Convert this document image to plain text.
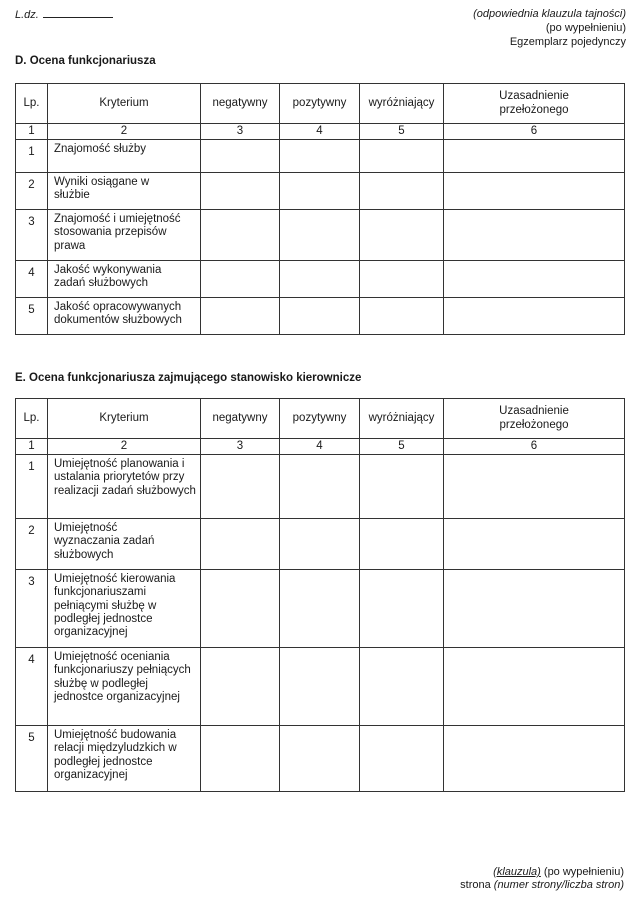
L.dz.	(odpowiednia klauzula tajności)
(po wypełnieniu)
Egzemplarz pojedynczy
D. Ocena funkcjonariusza
Lp.	Kryterium	negatywny	pozytywny	wyróżniający	Uzasadnienie przełożonego
1	2	3	4	5	6
1	Znajomość służby				
2	Wyniki osiągane w służbie				
3	Znajomość i umiejętność stosowania przepisów prawa				
4	Jakość wykonywania zadań służbowych				
5	Jakość opracowywanych dokumentów służbowych				
E. Ocena funkcjonariusza zajmującego stanowisko kierownicze
Lp.	Kryterium	negatywny	pozytywny	wyróżniający	Uzasadnienie przełożonego
1	2	3	4	5	6
1	Umiejętność planowania i ustalania priorytetów przy realizacji zadań służbowych				
2	Umiejętność wyznaczania zadań służbowych				
3	Umiejętność kierowania funkcjonariuszami pełniącymi służbę w podległej jednostce organizacyjnej				
4	Umiejętność oceniania funkcjonariuszy pełniących służbę w podległej jednostce organizacyjnej				
5	Umiejętność budowania relacji międzyludzkich w podległej jednostce organizacyjnej				
(klauzula) (po wypełnieniu)
strona (numer strony/liczba stron)
